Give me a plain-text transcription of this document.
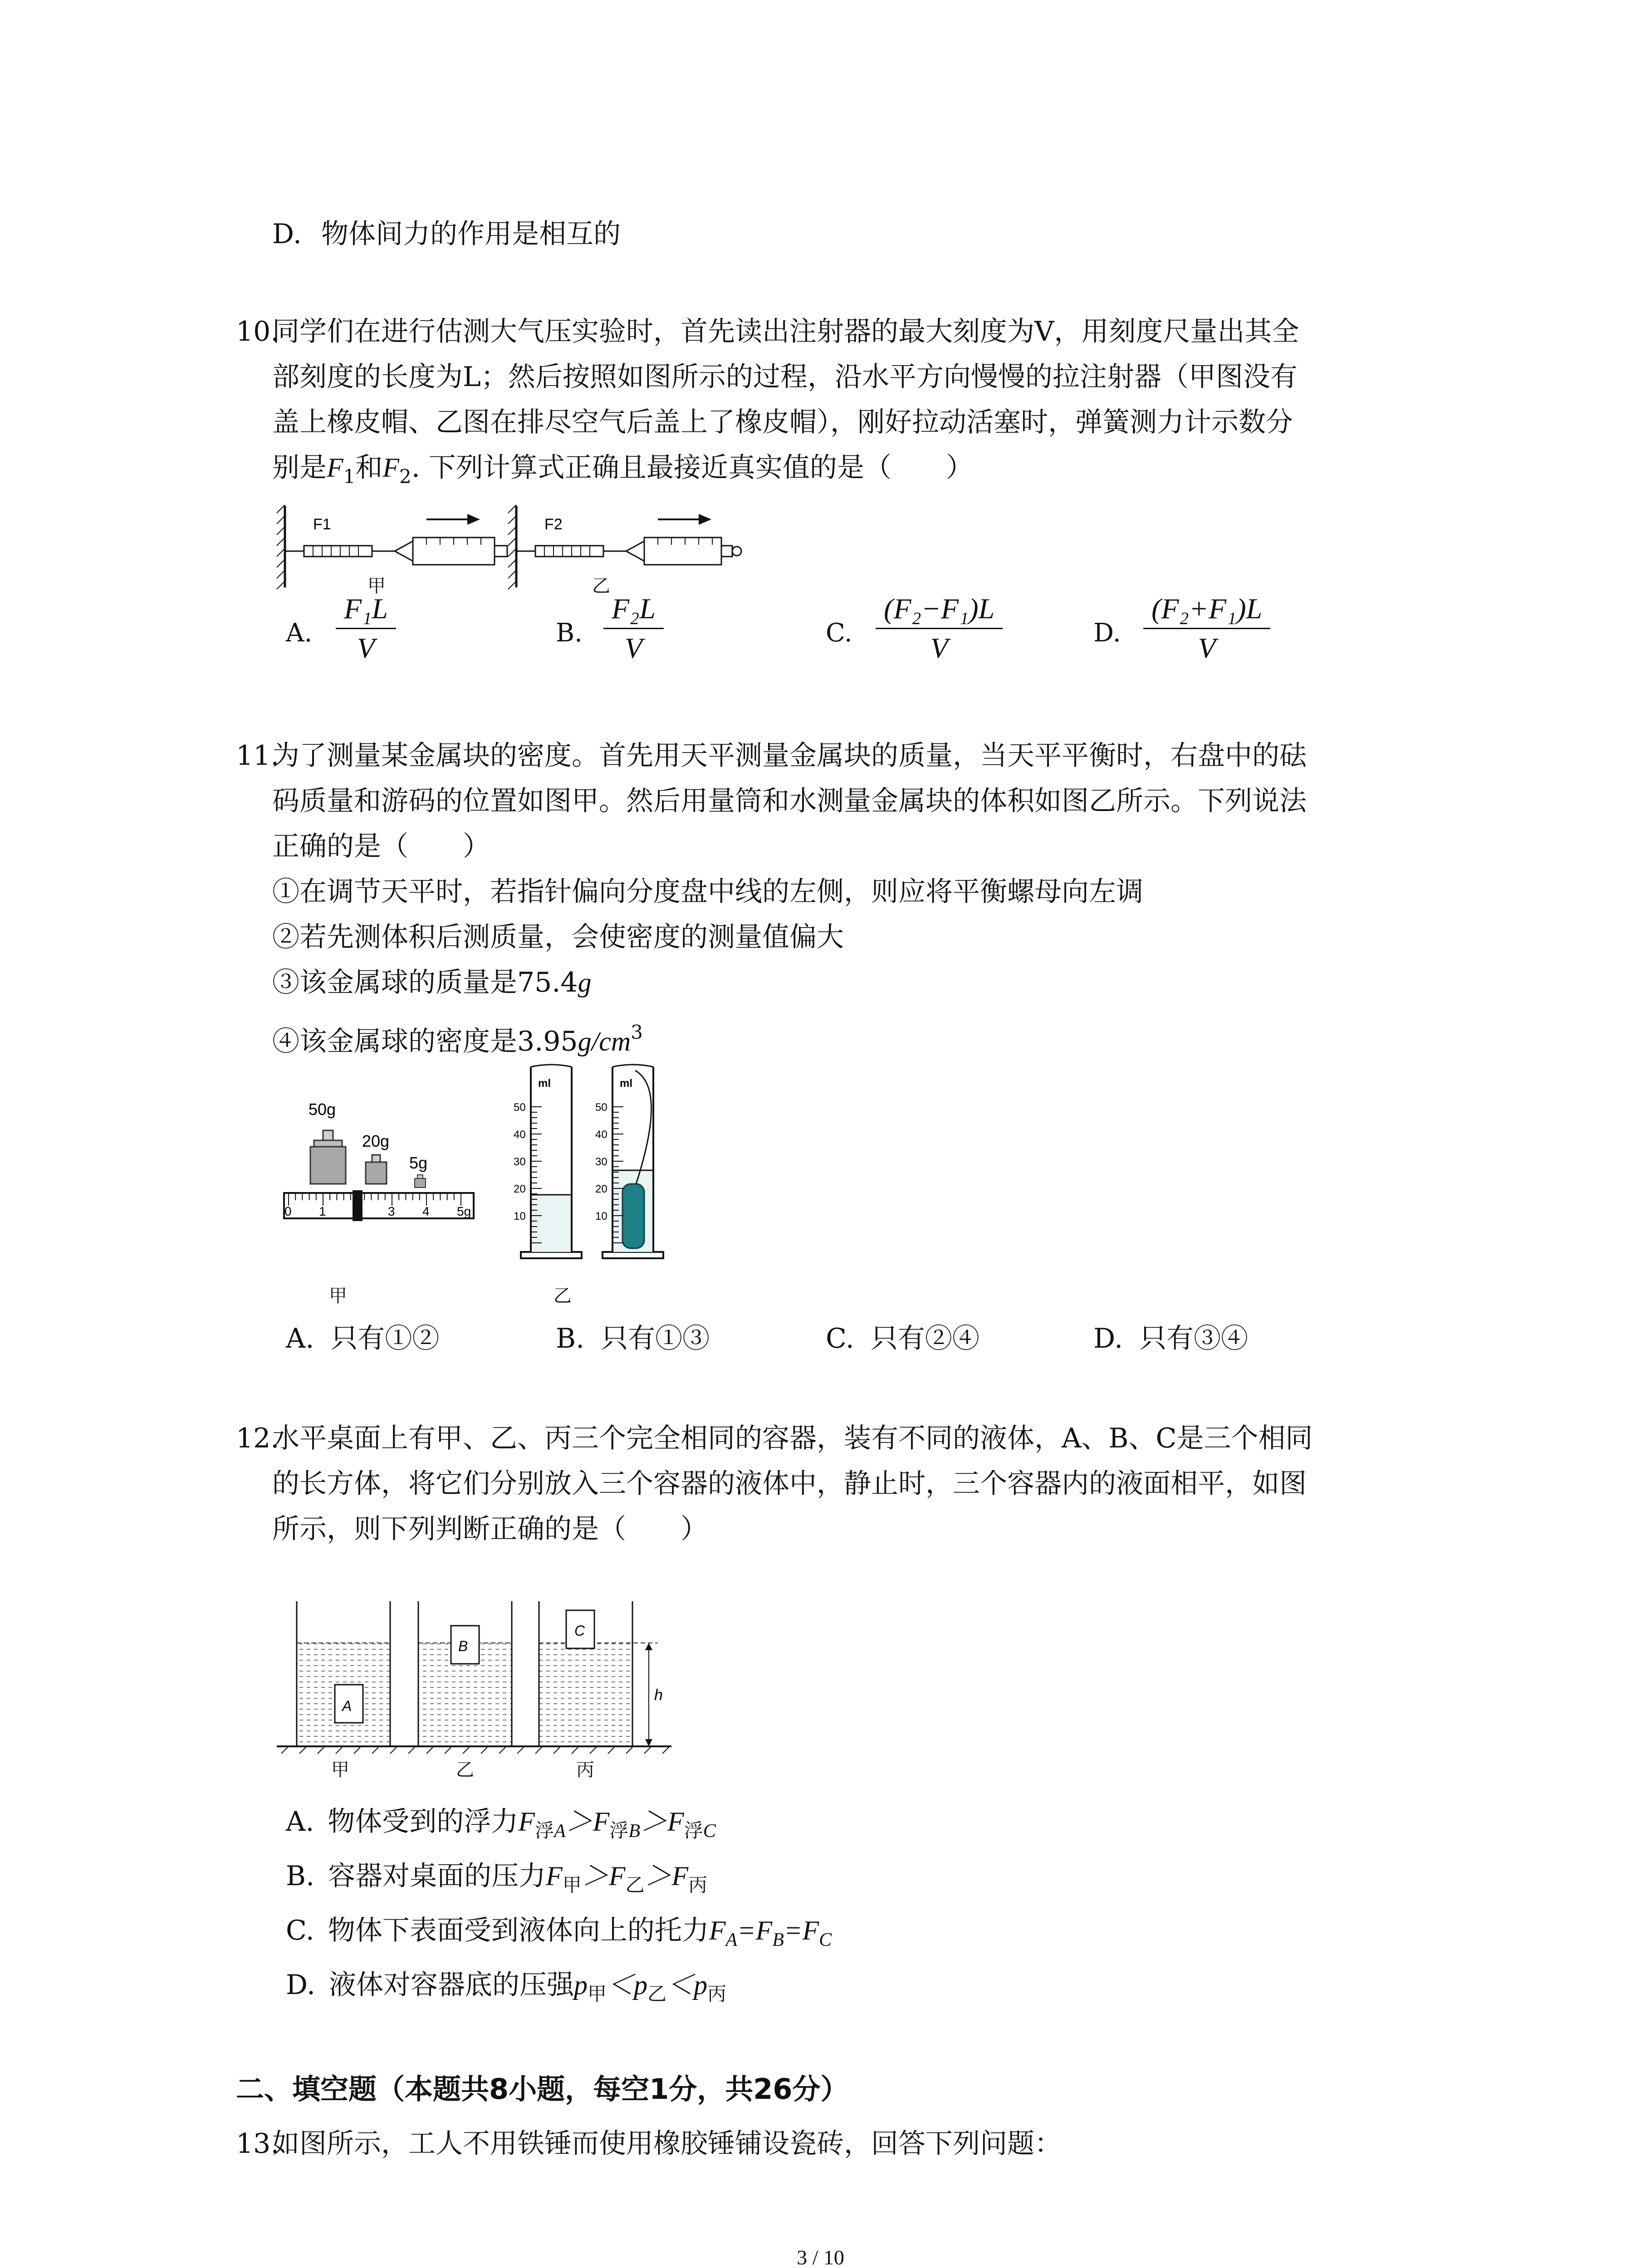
D. 物体间力的作用是相互的
10.
同学们在进行估测大气压实验时，首先读出注射器的最大刻度为V，用刻度尺量出其全
部刻度的长度为L；然后按照如图所示的过程，沿水平方向慢慢的拉注射器（甲图没有
盖上橡皮帽、乙图在排尽空气后盖上了橡皮帽），刚好拉动活塞时，弹簧测力计示数分
别是$F_1$和$F_2$. 下列计算式正确且最接近真实值的是（　　）
F1
甲
F2
乙
A. $\frac{\text{F₁L}}{V}$	B. $\frac{\text{F₂L}}{V}$	C. $\frac{\text{(F₂−F₁)L}}{V}$	D. $\frac{\text{(F₂+F₁)L}}{V}$
11.
为了测量某金属块的密度。首先用天平测量金属块的质量，当天平平衡时，右盘中的砝
码质量和游码的位置如图甲。然后用量筒和水测量金属块的体积如图乙所示。下列说法
正确的是（　　）
①在调节天平时，若指针偏向分度盘中线的左侧，则应将平衡螺母向左调
②若先测体积后测质量，会使密度的测量值偏大
③该金属球的质量是75.4g
④该金属球的密度是$3.95g/cm^3$
50g
20g
5g
0 1	3 4 5g
甲
ml
10
20
30
40
50
ml
10
20
30
40
50
乙
A. 只有①②	B. 只有①③	C. 只有②④	D. 只有③④
12.
水平桌面上有甲、乙、丙三个完全相同的容器，装有不同的液体，A、B、C是三个相同
的长方体，将它们分别放入三个容器的液体中，静止时，三个容器内的液面相平，如图
所示，则下列判断正确的是（　　）
A
B
C
h
甲	乙	丙
A. 物体受到的浮力$F_{浮A}>F_{浮B}>F_{浮C}$
B. 容器对桌面的压力$F_甲>F_乙>F_丙$
C. 物体下表面受到液体向上的托力$F_A=F_B=F_C$
D. 液体对容器底的压强$p_甲<p_乙<p_丙$
二、填空题（本题共8小题，每空1分，共26分）
13.
如图所示，工人不用铁锤而使用橡胶锤铺设瓷砖，回答下列问题：
3 / 10
